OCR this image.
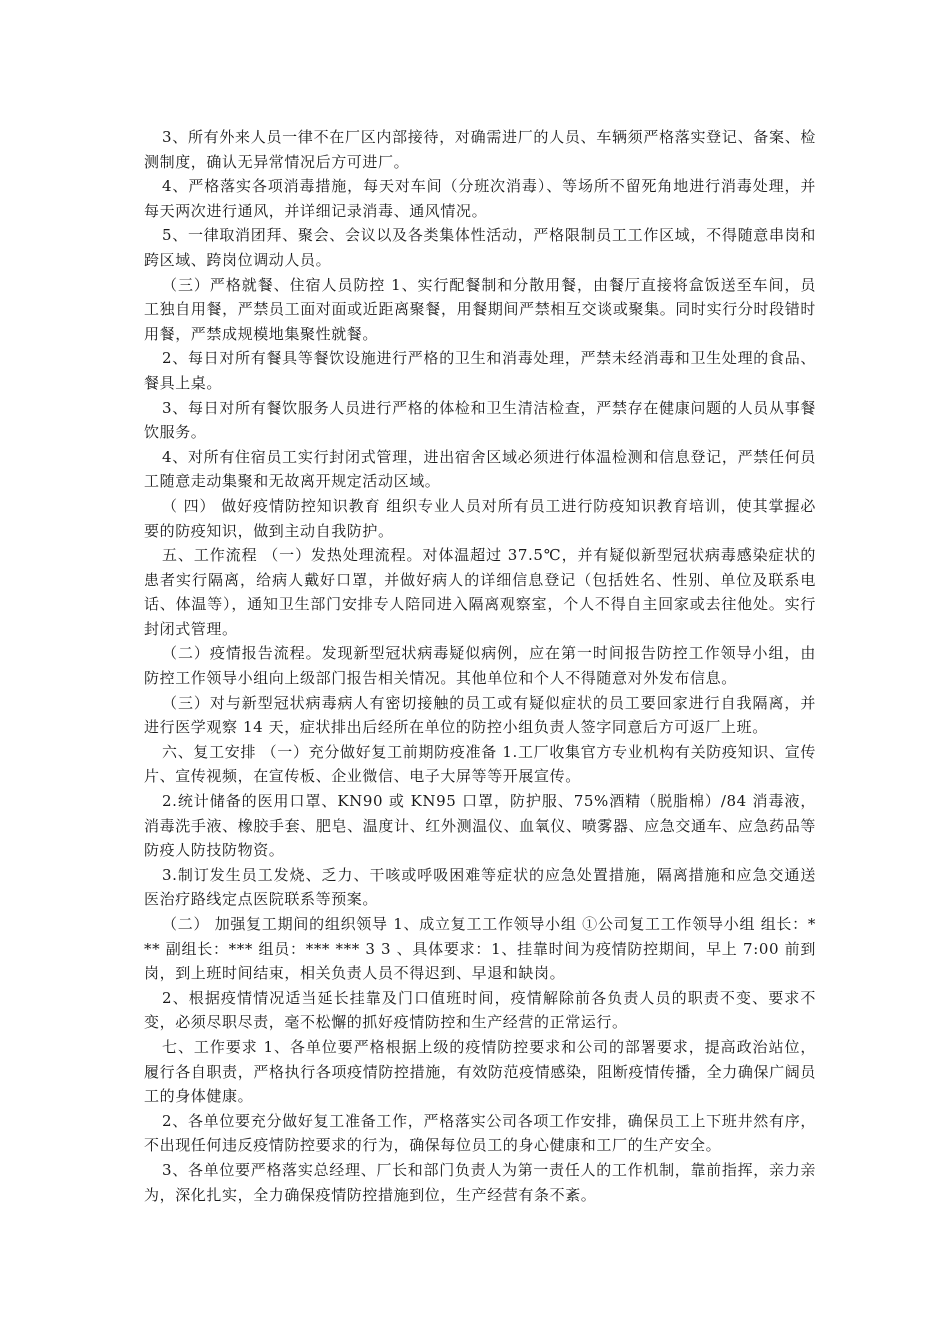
3、所有外来人员一律不在厂区内部接待，对确需进厂的人员、车辆须严格落实登记、备案、检测制度，确认无异常情况后方可进厂。

4、严格落实各项消毒措施，每天对车间（分班次消毒）、等场所不留死角地进行消毒处理，并每天两次进行通风，并详细记录消毒、通风情况。

5、一律取消团拜、聚会、会议以及各类集体性活动，严格限制员工工作区域，不得随意串岗和跨区域、跨岗位调动人员。

（三）严格就餐、住宿人员防控 1、实行配餐制和分散用餐，由餐厅直接将盒饭送至车间，员工独自用餐，严禁员工面对面或近距离聚餐，用餐期间严禁相互交谈或聚集。同时实行分时段错时用餐，严禁成规模地集聚性就餐。

2、每日对所有餐具等餐饮设施进行严格的卫生和消毒处理，严禁未经消毒和卫生处理的食品、餐具上桌。

3、每日对所有餐饮服务人员进行严格的体检和卫生清洁检查，严禁存在健康问题的人员从事餐饮服务。

4、对所有住宿员工实行封闭式管理，进出宿舍区域必须进行体温检测和信息登记，严禁任何员工随意走动集聚和无故离开规定活动区域。

（ 四） 做好疫情防控知识教育 组织专业人员对所有员工进行防疫知识教育培训，使其掌握必要的防疫知识，做到主动自我防护。

五、工作流程 （一）发热处理流程。对体温超过 37.5℃，并有疑似新型冠状病毒感染症状的患者实行隔离，给病人戴好口罩，并做好病人的详细信息登记（包括姓名、性别、单位及联系电话、体温等），通知卫生部门安排专人陪同进入隔离观察室，个人不得自主回家或去往他处。实行封闭式管理。

（二）疫情报告流程。发现新型冠状病毒疑似病例，应在第一时间报告防控工作领导小组，由防控工作领导小组向上级部门报告相关情况。其他单位和个人不得随意对外发布信息。

（三）对与新型冠状病毒病人有密切接触的员工或有疑似症状的员工要回家进行自我隔离，并进行医学观察 14 天，症状排出后经所在单位的防控小组负责人签字同意后方可返厂上班。

六、复工安排 （一）充分做好复工前期防疫准备 1.工厂收集官方专业机构有关防疫知识、宣传片、宣传视频，在宣传板、企业微信、电子大屏等等开展宣传。

2.统计储备的医用口罩、KN90 或 KN95 口罩，防护服、75%酒精（脱脂棉）/84 消毒液，消毒洗手液、橡胶手套、肥皂、温度计、红外测温仪、血氧仪、喷雾器、应急交通车、应急药品等防疫人防技防物资。

3.制订发生员工发烧、乏力、干咳或呼吸困难等症状的应急处置措施，隔离措施和应急交通送医治疗路线定点医院联系等预案。

（二） 加强复工期间的组织领导 1、成立复工工作领导小组 ①公司复工工作领导小组 组长：*** 副组长：*** 组员：*** *** 3 3 、具体要求：1、挂靠时间为疫情防控期间，早上 7:00 前到岗，到上班时间结束，相关负责人员不得迟到、早退和缺岗。

2、根据疫情情况适当延长挂靠及门口值班时间，疫情解除前各负责人员的职责不变、要求不变，必须尽职尽责，毫不松懈的抓好疫情防控和生产经营的正常运行。

七、工作要求 1、各单位要严格根据上级的疫情防控要求和公司的部署要求，提高政治站位，履行各自职责，严格执行各项疫情防控措施，有效防范疫情感染，阻断疫情传播，全力确保广阔员工的身体健康。

2、各单位要充分做好复工准备工作，严格落实公司各项工作安排，确保员工上下班井然有序，不出现任何违反疫情防控要求的行为，确保每位员工的身心健康和工厂的生产安全。

3、各单位要严格落实总经理、厂长和部门负责人为第一责任人的工作机制，靠前指挥，亲力亲为，深化扎实，全力确保疫情防控措施到位，生产经营有条不紊。
